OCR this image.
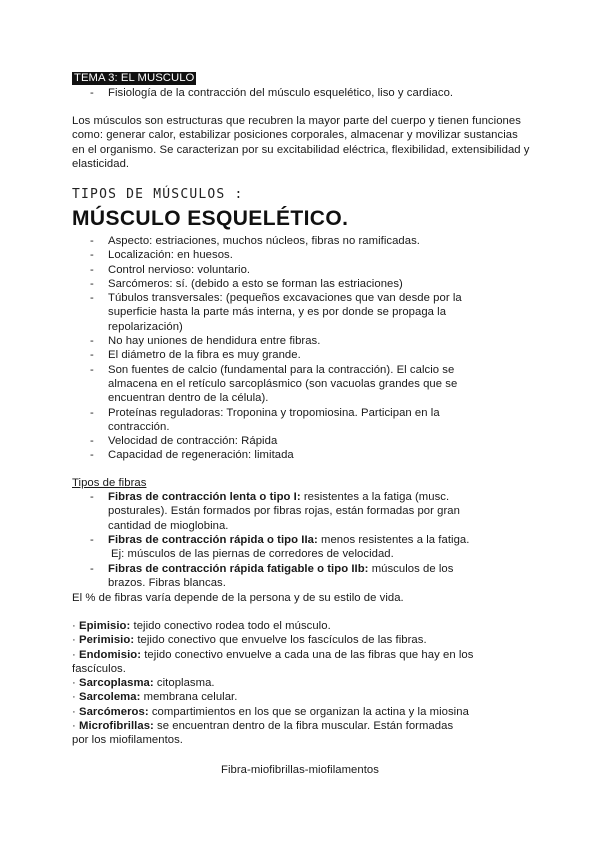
TEMA 3: EL MUSCULO
- Fisiología de la contracción del músculo esquelético, liso y cardiaco.
Los músculos son estructuras que recubren la mayor parte del cuerpo y tienen funciones como: generar calor, estabilizar posiciones corporales, almacenar y movilizar sustancias en el organismo. Se caracterizan por su excitabilidad eléctrica, flexibilidad, extensibilidad y elasticidad.
TIPOS DE MÚSCULOS :
MÚSCULO ESQUELÉTICO.
- Aspecto: estriaciones, muchos núcleos, fibras no ramificadas.
- Localización: en huesos.
- Control nervioso: voluntario.
- Sarcómeros: sí. (debido a esto se forman las estriaciones)
- Túbulos transversales: (pequeños excavaciones que van desde por la
superficie hasta la parte más interna, y es por donde se propaga la
repolarización)
- No hay uniones de hendidura entre fibras.
- El diámetro de la fibra es muy grande.
- Son fuentes de calcio (fundamental para la contracción). El calcio se
almacena en el retículo sarcoplásmico (son vacuolas grandes que se
encuentran dentro de la célula).
- Proteínas reguladoras: Troponina y tropomiosina. Participan en la
contracción.
- Velocidad de contracción: Rápida
- Capacidad de regeneración: limitada
Tipos de fibras
- Fibras de contracción lenta o tipo I: resistentes a la fatiga (musc.
posturales). Están formados por fibras rojas, están formadas por gran
cantidad de mioglobina.
- Fibras de contracción rápida o tipo IIa: menos resistentes a la fatiga.
Ej: músculos de las piernas de corredores de velocidad.
- Fibras de contracción rápida fatigable o tipo IIb: músculos de los
brazos. Fibras blancas.
El % de fibras varía depende de la persona y de su estilo de vida.
· Epimisio: tejido conectivo rodea todo el músculo.
· Perimisio: tejido conectivo que envuelve los fascículos de las fibras.
· Endomisio: tejido conectivo envuelve a cada una de las fibras que hay en los
fascículos.
· Sarcoplasma: citoplasma.
· Sarcolema: membrana celular.
· Sarcómeros: compartimientos en los que se organizan la actina y la miosina
· Microfibrillas: se encuentran dentro de la fibra muscular. Están formadas
por los miofilamentos.
Fibra-miofibrillas-miofilamentos
